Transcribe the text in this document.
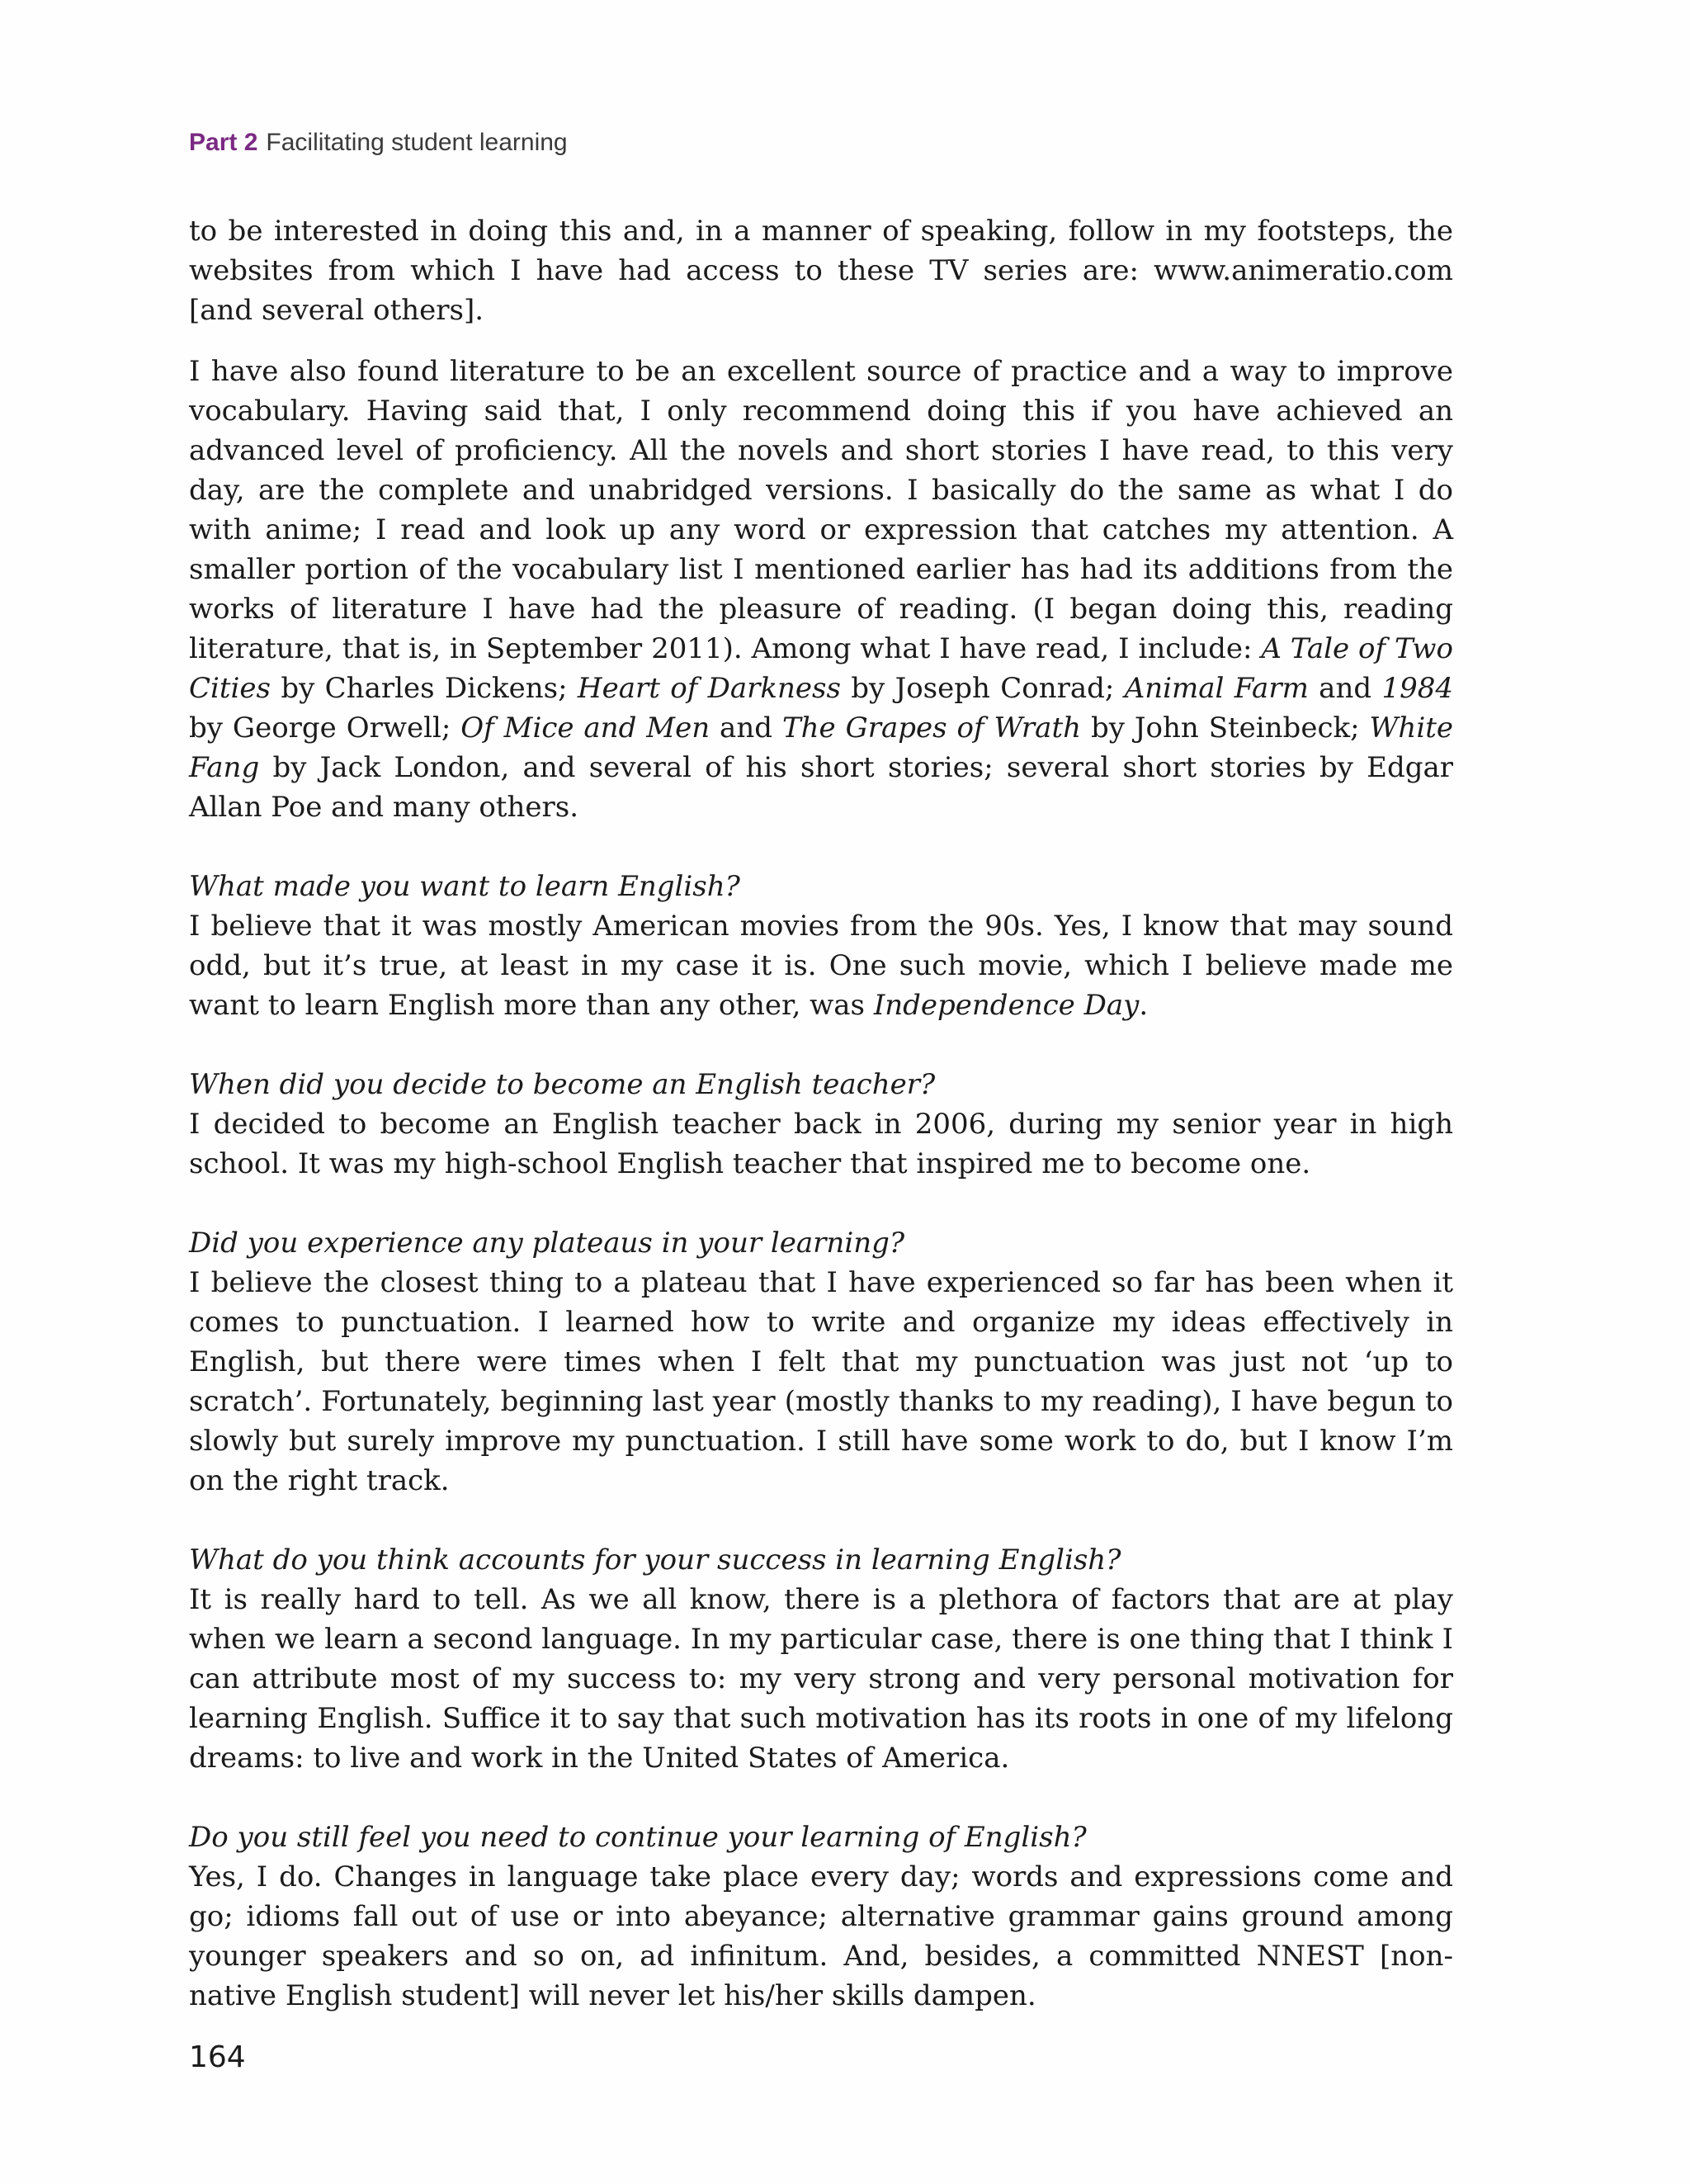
Part 2 Facilitating student learning

to be interested in doing this and, in a manner of speaking, follow in my footsteps, the websites from which I have had access to these TV series are: www.animeratio.com [and several others].

I have also found literature to be an excellent source of practice and a way to improve vocabulary. Having said that, I only recommend doing this if you have achieved an advanced level of proficiency. All the novels and short stories I have read, to this very day, are the complete and unabridged versions. I basically do the same as what I do with anime; I read and look up any word or expression that catches my attention. A smaller portion of the vocabulary list I mentioned earlier has had its additions from the works of literature I have had the pleasure of reading. (I began doing this, reading literature, that is, in September 2011). Among what I have read, I include: A Tale of Two Cities by Charles Dickens; Heart of Darkness by Joseph Conrad; Animal Farm and 1984 by George Orwell; Of Mice and Men and The Grapes of Wrath by John Steinbeck; White Fang by Jack London, and several of his short stories; several short stories by Edgar Allan Poe and many others.

What made you want to learn English?

I believe that it was mostly American movies from the 90s. Yes, I know that may sound odd, but it’s true, at least in my case it is. One such movie, which I believe made me want to learn English more than any other, was Independence Day.

When did you decide to become an English teacher?

I decided to become an English teacher back in 2006, during my senior year in high school. It was my high-school English teacher that inspired me to become one.

Did you experience any plateaus in your learning?

I believe the closest thing to a plateau that I have experienced so far has been when it comes to punctuation. I learned how to write and organize my ideas effectively in English, but there were times when I felt that my punctuation was just not ‘up to scratch’. Fortunately, beginning last year (mostly thanks to my reading), I have begun to slowly but surely improve my punctuation. I still have some work to do, but I know I’m on the right track.

What do you think accounts for your success in learning English?

It is really hard to tell. As we all know, there is a plethora of factors that are at play when we learn a second language. In my particular case, there is one thing that I think I can attribute most of my success to: my very strong and very personal motivation for learning English. Suffice it to say that such motivation has its roots in one of my lifelong dreams: to live and work in the United States of America.

Do you still feel you need to continue your learning of English?

Yes, I do. Changes in language take place every day; words and expressions come and go; idioms fall out of use or into abeyance; alternative grammar gains ground among younger speakers and so on, ad infinitum. And, besides, a committed NNEST [non-native English student] will never let his/her skills dampen.

164
